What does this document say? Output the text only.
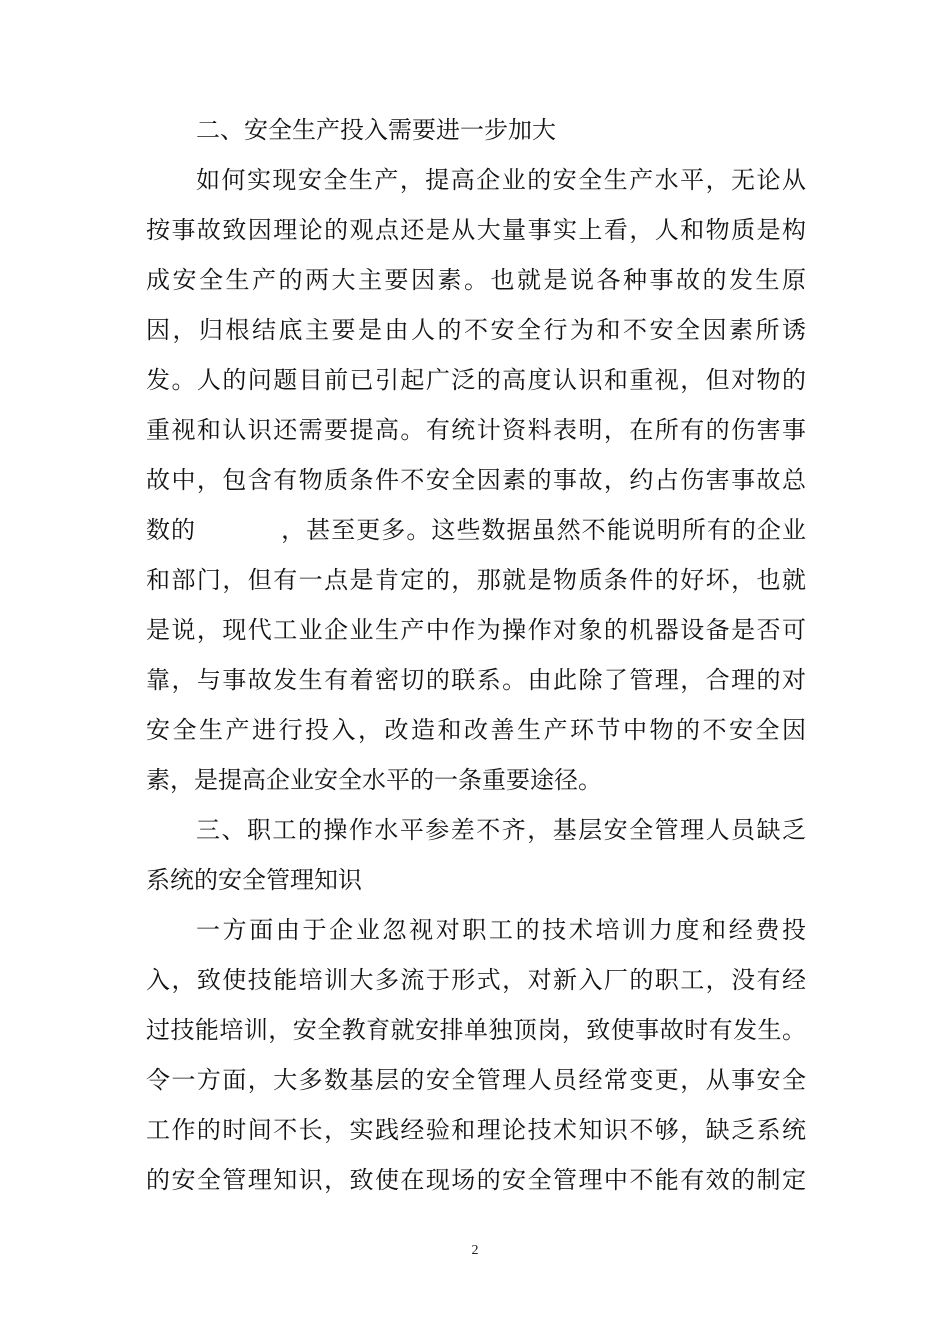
二、安全生产投入需要进一步加大
如何实现安全生产，提高企业的安全生产水平，无论从
按事故致因理论的观点还是从大量事实上看，人和物质是构
成安全生产的两大主要因素。也就是说各种事故的发生原
因，归根结底主要是由人的不安全行为和不安全因素所诱
发。人的问题目前已引起广泛的高度认识和重视，但对物的
重视和认识还需要提高。有统计资料表明，在所有的伤害事
故中，包含有物质条件不安全因素的事故，约占伤害事故总
数的	，甚至更多。这些数据虽然不能说明所有的企业
和部门，但有一点是肯定的，那就是物质条件的好坏，也就
是说，现代工业企业生产中作为操作对象的机器设备是否可
靠，与事故发生有着密切的联系。由此除了管理，合理的对
安全生产进行投入，改造和改善生产环节中物的不安全因
素，是提高企业安全水平的一条重要途径。
三、职工的操作水平参差不齐，基层安全管理人员缺乏
系统的安全管理知识
一方面由于企业忽视对职工的技术培训力度和经费投
入，致使技能培训大多流于形式，对新入厂的职工，没有经
过技能培训，安全教育就安排单独顶岗，致使事故时有发生。
令一方面，大多数基层的安全管理人员经常变更，从事安全
工作的时间不长，实践经验和理论技术知识不够，缺乏系统
的安全管理知识，致使在现场的安全管理中不能有效的制定
2
